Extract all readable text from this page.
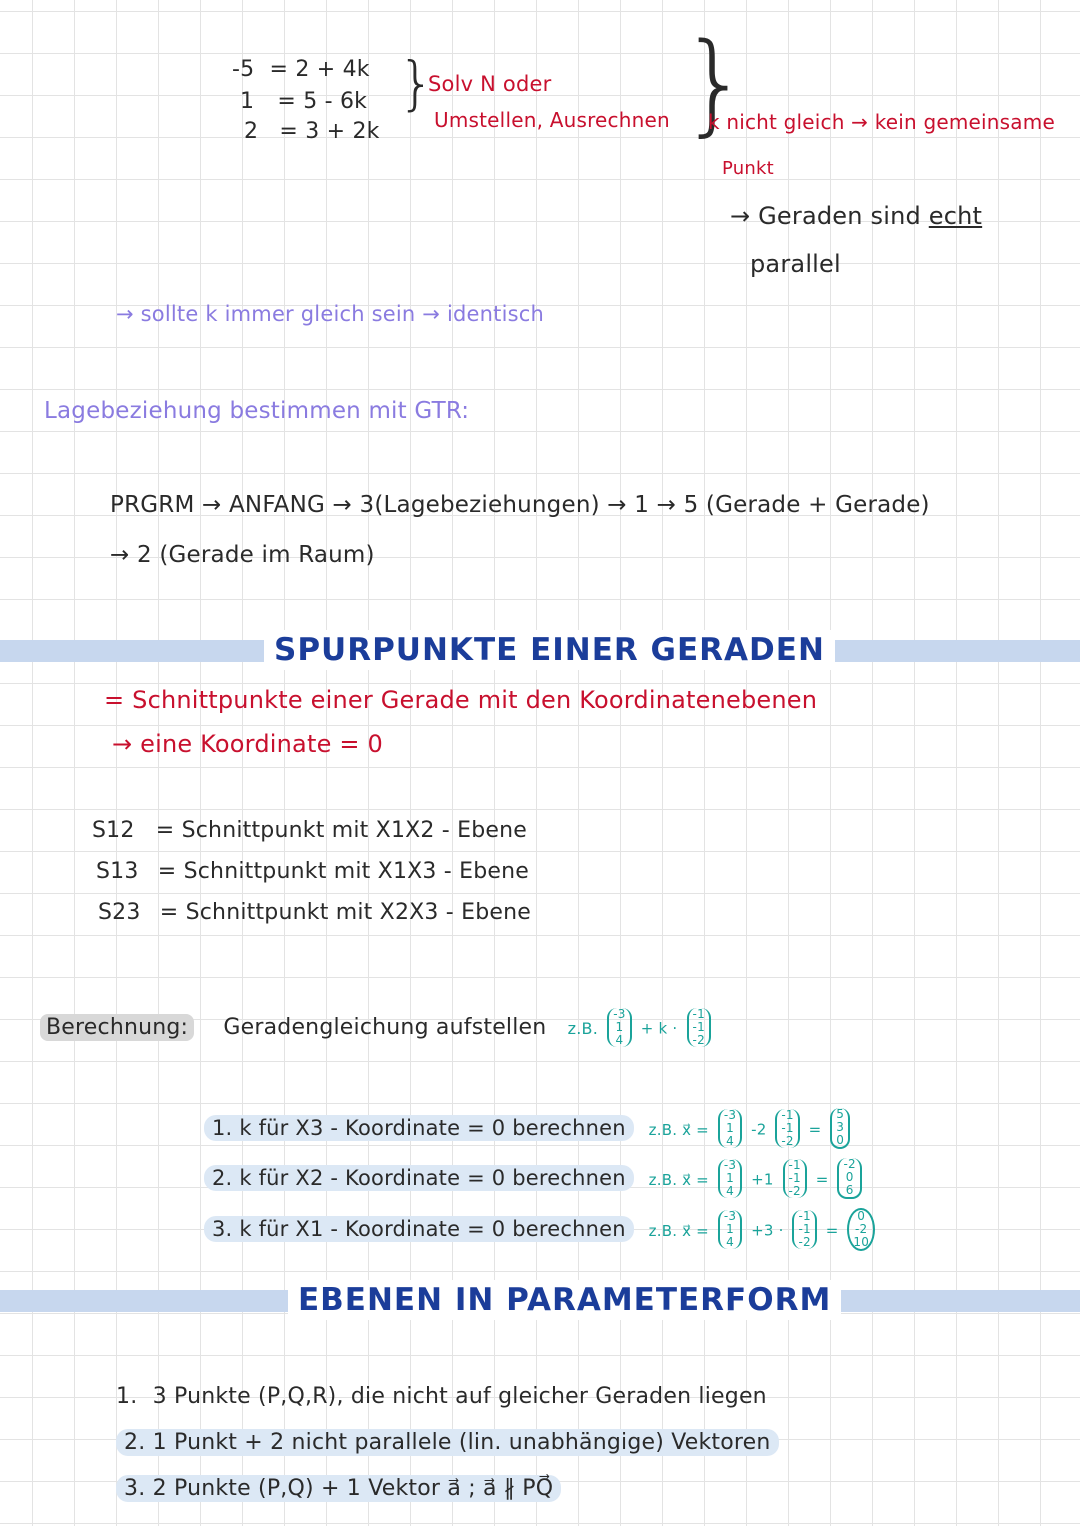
-5 = 2 + 4k
1 = 5 - 6k
2 = 3 + 2k
}
Solv N oder
Umstellen, Ausrechnen }
k nicht gleich → kein gemeinsame
Punkt
→ Geraden sind echt
parallel
→ sollte k immer gleich sein → identisch
Lagebeziehung bestimmen mit GTR:
PRGRM → ANFANG → 3(Lagebeziehungen) → 1 → 5 (Gerade + Gerade)
→ 2 (Gerade im Raum)
SPURPUNKTE EINER GERADEN
= Schnittpunkte einer Gerade mit den Koordinatenebenen
→ eine Koordinate = 0
S12 = Schnittpunkt mit X1X2 - Ebene
S13 = Schnittpunkt mit X1X3 - Ebene
S23 = Schnittpunkt mit X2X3 - Ebene
Berechnung: Geradengleichung aufstellen z.B.
-3
1
4
+ k ·
-1
-1
-2
1. k für X3 - Koordinate = 0 berechnen z.B. x⃗ =
-3
1
4
-2
-1
-1
-2
=
5
3
0
2. k für X2 - Koordinate = 0 berechnen z.B. x⃗ =
-3
1
4
+1
-1
-1
-2
=
-2
0
6
3. k für X1 - Koordinate = 0 berechnen z.B. x⃗ =
-3
1
4
+3 ·
-1
-1
-2
=
0
-2
10
EBENEN IN PARAMETERFORM
1. 3 Punkte (P,Q,R), die nicht auf gleicher Geraden liegen
2. 1 Punkt + 2 nicht parallele (lin. unabhängige) Vektoren
3. 2 Punkte (P,Q) + 1 Vektor a⃗ ; a⃗ ∦ PQ⃗
